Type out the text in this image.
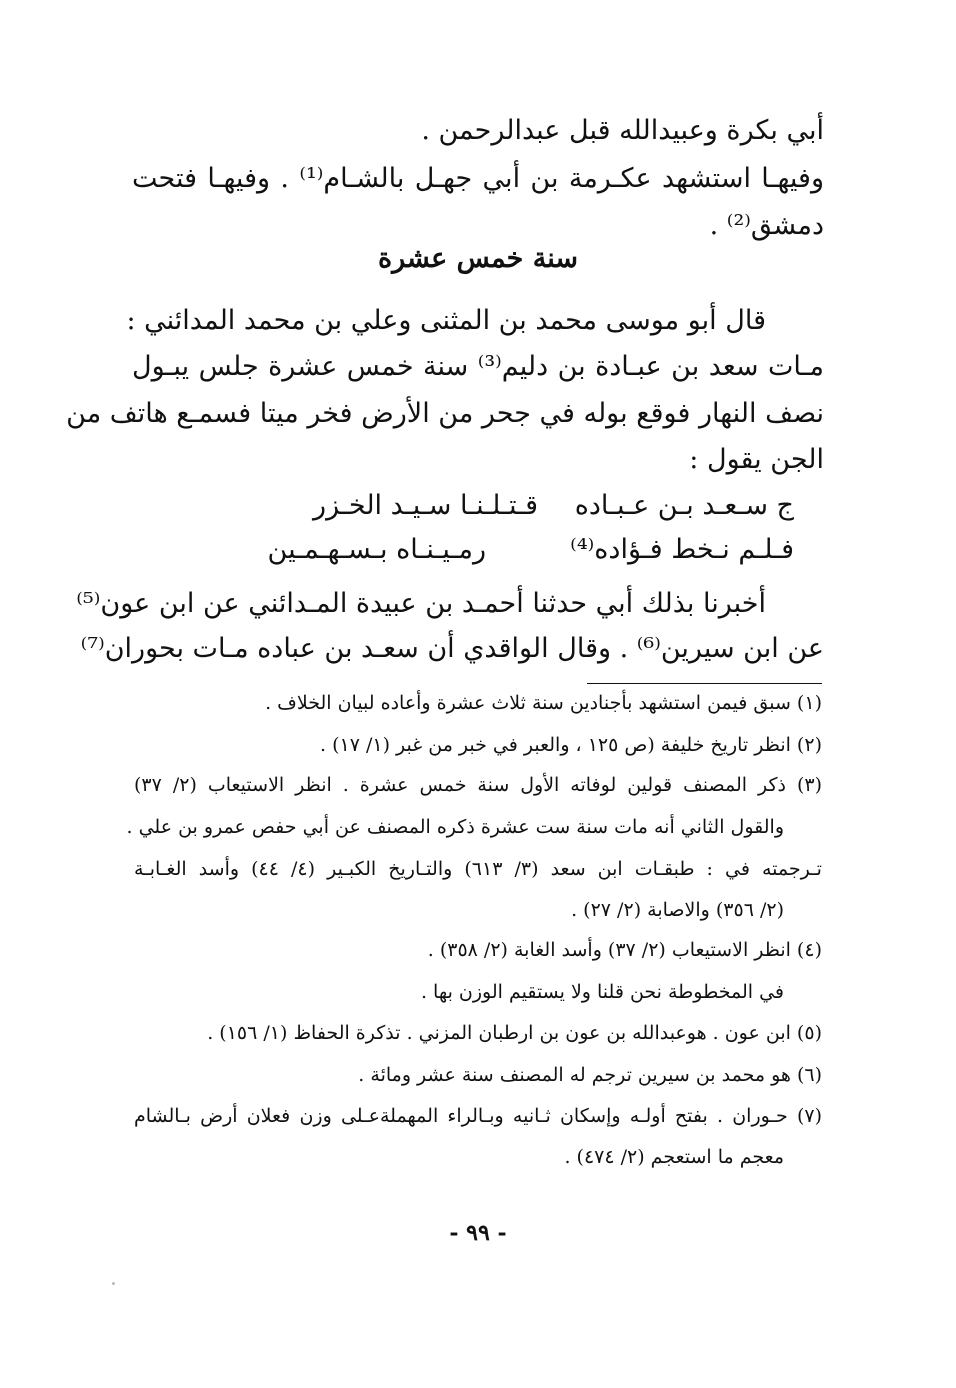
أبي بكرة وعبيدالله قبل عبدالرحمن .
وفيهـا استشهد عكـرمة بن أبي جهـل بالشـام⁽¹⁾ . وفيهـا فتحت
دمشق⁽²⁾ .
سنة خمس عشرة
قال أبو موسى محمد بن المثنى وعلي بن محمد المدائني :
مـات سعد بن عبـادة بن دليم⁽³⁾ سنة خمس عشرة جلس يبـول
نصف النهار فوقع بوله في جحر من الأرض فخر ميتا فسمـع هاتف من
الجن يقول :
قـتـلـنـا سـيـد الخـزر ج سـعـد بـن عـبـاده
رمـيـنـاه بـسـهـمـين	فـلـم نـخط فـؤاده⁽⁴⁾
أخبرنا بذلك أبي حدثنا أحمـد بن عبيدة المـدائني عن ابن عون⁽⁵⁾
عن ابن سيرين⁽⁶⁾ . وقال الواقدي أن سعـد بن عباده مـات بحوران⁽⁷⁾
(١) سبق فيمن استشهد بأجنادين سنة ثلاث عشرة وأعاده لبيان الخلاف .
(٢) انظر تاريخ خليفة (ص ١٢٥ ، والعبر في خبر من غبر (١/ ١٧) .
(٣) ذكر المصنف قولين لوفاته الأول سنة خمس عشرة . انظر الاستيعاب (٢/ ٣٧)
والقول الثاني أنه مات سنة ست عشرة ذكره المصنف عن أبي حفص عمرو بن علي .
تـرجمته في : طبقـات ابن سعد (٣/ ٦١٣) والتـاريخ الكبـير (٤/ ٤٤) وأسد الغـابـة
(٢/ ٣٥٦) والاصابة (٢/ ٢٧) .
(٤) انظر الاستيعاب (٢/ ٣٧) وأسد الغابة (٢/ ٣٥٨) .
في المخطوطة نحن قلنا ولا يستقيم الوزن بها .
(٥) ابن عون . هوعبدالله بن عون بن ارطبان المزني . تذكرة الحفاظ (١/ ١٥٦) .
(٦) هو محمد بن سيرين ترجم له المصنف سنة عشر ومائة .
(٧) حـوران . بفتح أولـه وإسكان ثـانيه وبـالراء المهملةعـلى وزن فعلان أرض بـالشام
معجم ما استعجم (٢/ ٤٧٤) .
- ٩٩ -
